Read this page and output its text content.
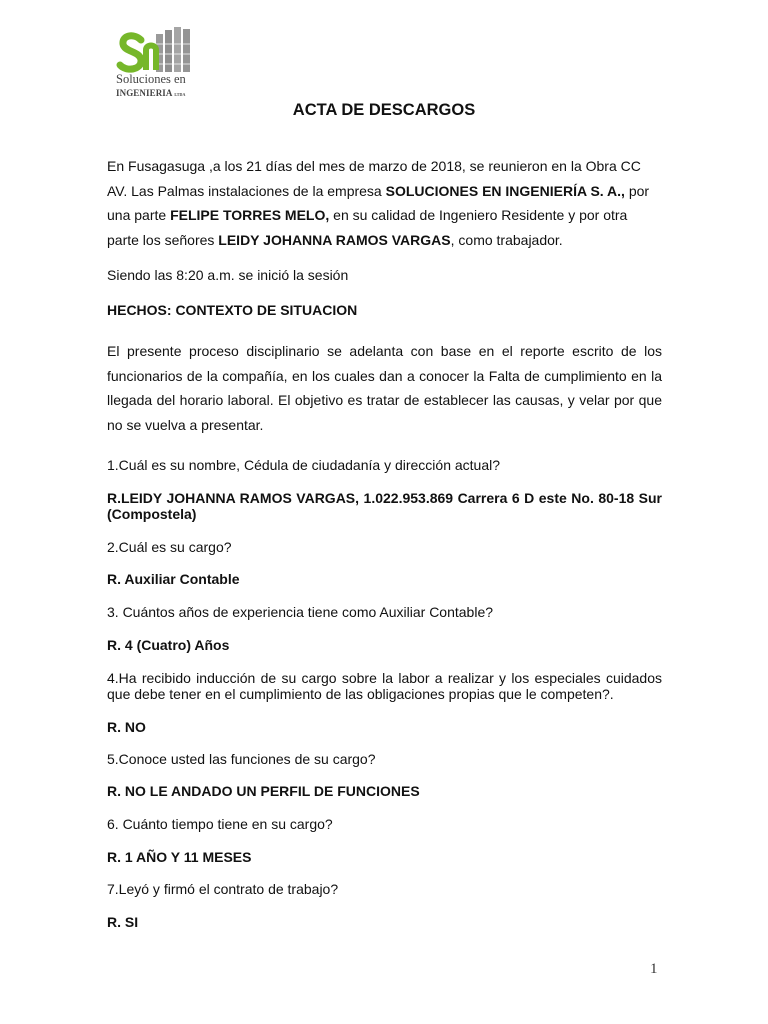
Soluciones en
INGENIERIA LTDA
ACTA DE DESCARGOS
En Fusagasuga ,a los 21 días del mes de marzo de 2018, se reunieron en la Obra CC AV. Las Palmas instalaciones de la empresa SOLUCIONES EN INGENIERÍA S. A., por una parte FELIPE TORRES MELO, en su calidad de Ingeniero Residente y por otra parte los señores LEIDY JOHANNA RAMOS VARGAS, como trabajador.
Siendo las 8:20 a.m. se inició la sesión
HECHOS: CONTEXTO DE SITUACION
El presente proceso disciplinario se adelanta con base en el reporte escrito de los funcionarios de la compañía, en los cuales dan a conocer la Falta de cumplimiento en la llegada del horario laboral. El objetivo es tratar de establecer las causas, y velar por que no se vuelva a presentar.
1.Cuál es su nombre, Cédula de ciudadanía y dirección actual?
R.LEIDY JOHANNA RAMOS VARGAS, 1.022.953.869 Carrera 6 D este No. 80-18 Sur (Compostela)
2.Cuál es su cargo?
R. Auxiliar Contable
3. Cuántos años de experiencia tiene como Auxiliar Contable?
R. 4 (Cuatro) Años
4.Ha recibido inducción de su cargo sobre la labor a realizar y los especiales cuidados que debe tener en el cumplimiento de las obligaciones propias que le competen?.
R. NO
5.Conoce usted las funciones de su cargo?
R. NO LE ANDADO UN PERFIL DE FUNCIONES
6. Cuánto tiempo tiene en su cargo?
R. 1 AÑO Y 11 MESES
7.Leyó y firmó el contrato de trabajo?
R. SI
1
